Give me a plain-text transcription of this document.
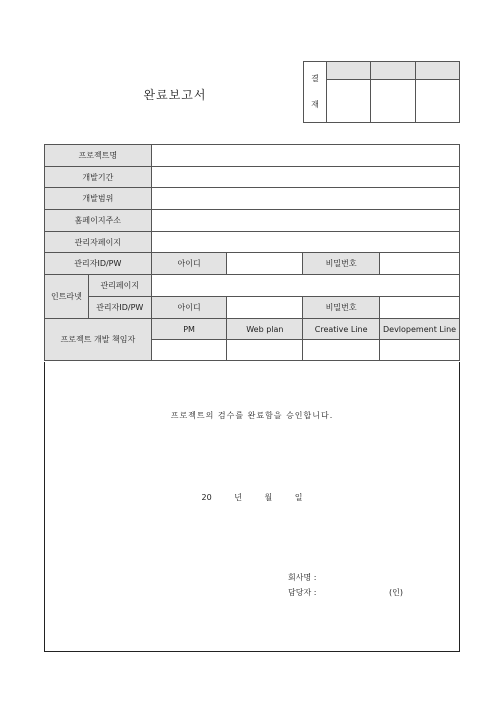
완료보고서
결
재			

프로젝트명					
개발기간					
개발범위					
홈페이지주소					
관리자페이지					
관리자ID/PW		아이디		비밀번호	
인트라넷	관리페이지				
	관리자ID/PW	아이디		비밀번호	
프로젝트 개발 책임자		PM	Web plan	Creative Line	Devlopement Line

프로젝트의 검수를 완료함을 승인합니다.
20	년	월	일
회사명 :
담당자 :	(인)
